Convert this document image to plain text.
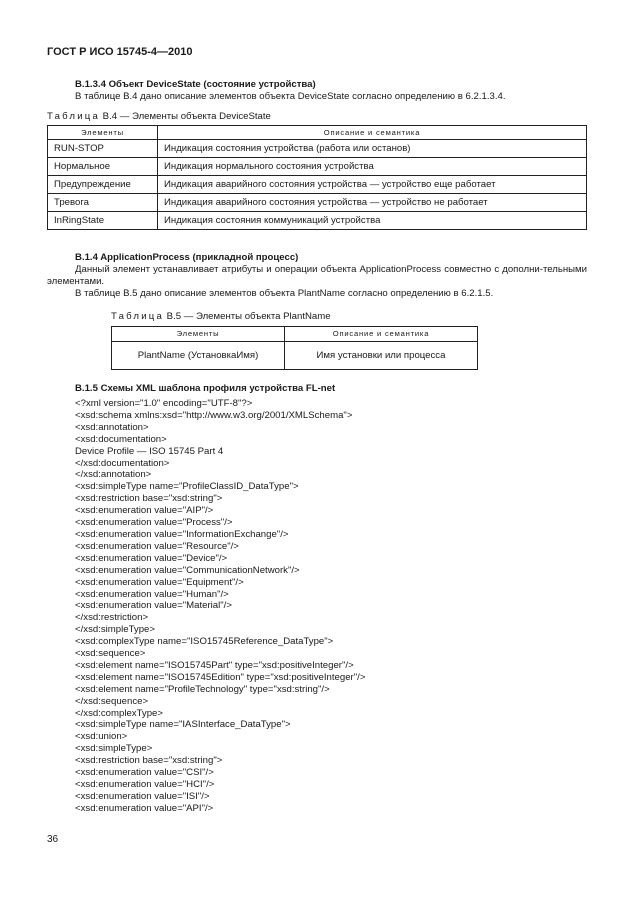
ГОСТ Р ИСО 15745-4—2010

B.1.3.4 Объект DeviceState (состояние устройства)

В таблице B.4 дано описание элементов объекта DeviceState согласно определению в 6.2.1.3.4.

Таблица B.4 — Элементы объекта DeviceState
Элементы	Описание и семантика
RUN-STOP	Индикация состояния устройства (работа или останов)
Нормальное	Индикация нормального состояния устройства
Предупреждение	Индикация аварийного состояния устройства — устройство еще работает
Тревога	Индикация аварийного состояния устройства — устройство не работает
InRingState	Индикация состояния коммуникаций устройства

B.1.4 ApplicationProcess (прикладной процесс)

Данный элемент устанавливает атрибуты и операции объекта ApplicationProcess совместно с дополни-тельными элементами.

В таблице B.5 дано описание элементов объекта PlantName согласно определению в 6.2.1.5.

Таблица B.5 — Элементы объекта PlantName
Элементы	Описание и семантика
PlantName (УстановкаИмя)	Имя установки или процесса

B.1.5 Схемы XML шаблона профиля устройства FL-net

<?xml version="1.0" encoding="UTF-8"?>
<xsd:schema xmlns:xsd="http://www.w3.org/2001/XMLSchema">
<xsd:annotation>
<xsd:documentation>
Device Profile — ISO 15745 Part 4
</xsd:documentation>
</xsd:annotation>
<xsd:simpleType name="ProfileClassID_DataType">
<xsd:restriction base="xsd:string">
<xsd:enumeration value="AIP"/>
<xsd:enumeration value="Process"/>
<xsd:enumeration value="InformationExchange"/>
<xsd:enumeration value="Resource"/>
<xsd:enumeration value="Device"/>
<xsd:enumeration value="CommunicationNetwork"/>
<xsd:enumeration value="Equipment"/>
<xsd:enumeration value="Human"/>
<xsd:enumeration value="Material"/>
</xsd:restriction>
</xsd:simpleType>
<xsd:complexType name="ISO15745Reference_DataType">
<xsd:sequence>
<xsd:element name="ISO15745Part" type="xsd:positiveInteger"/>
<xsd:element name="ISO15745Edition" type="xsd:positiveInteger"/>
<xsd:element name="ProfileTechnology" type="xsd:string"/>
</xsd:sequence>
</xsd:complexType>
<xsd:simpleType name="IASInterface_DataType">
<xsd:union>
<xsd:simpleType>
<xsd:restriction base="xsd:string">
<xsd:enumeration value="CSI"/>
<xsd:enumeration value="HCI"/>
<xsd:enumeration value="ISI"/>
<xsd:enumeration value="API"/>
36
